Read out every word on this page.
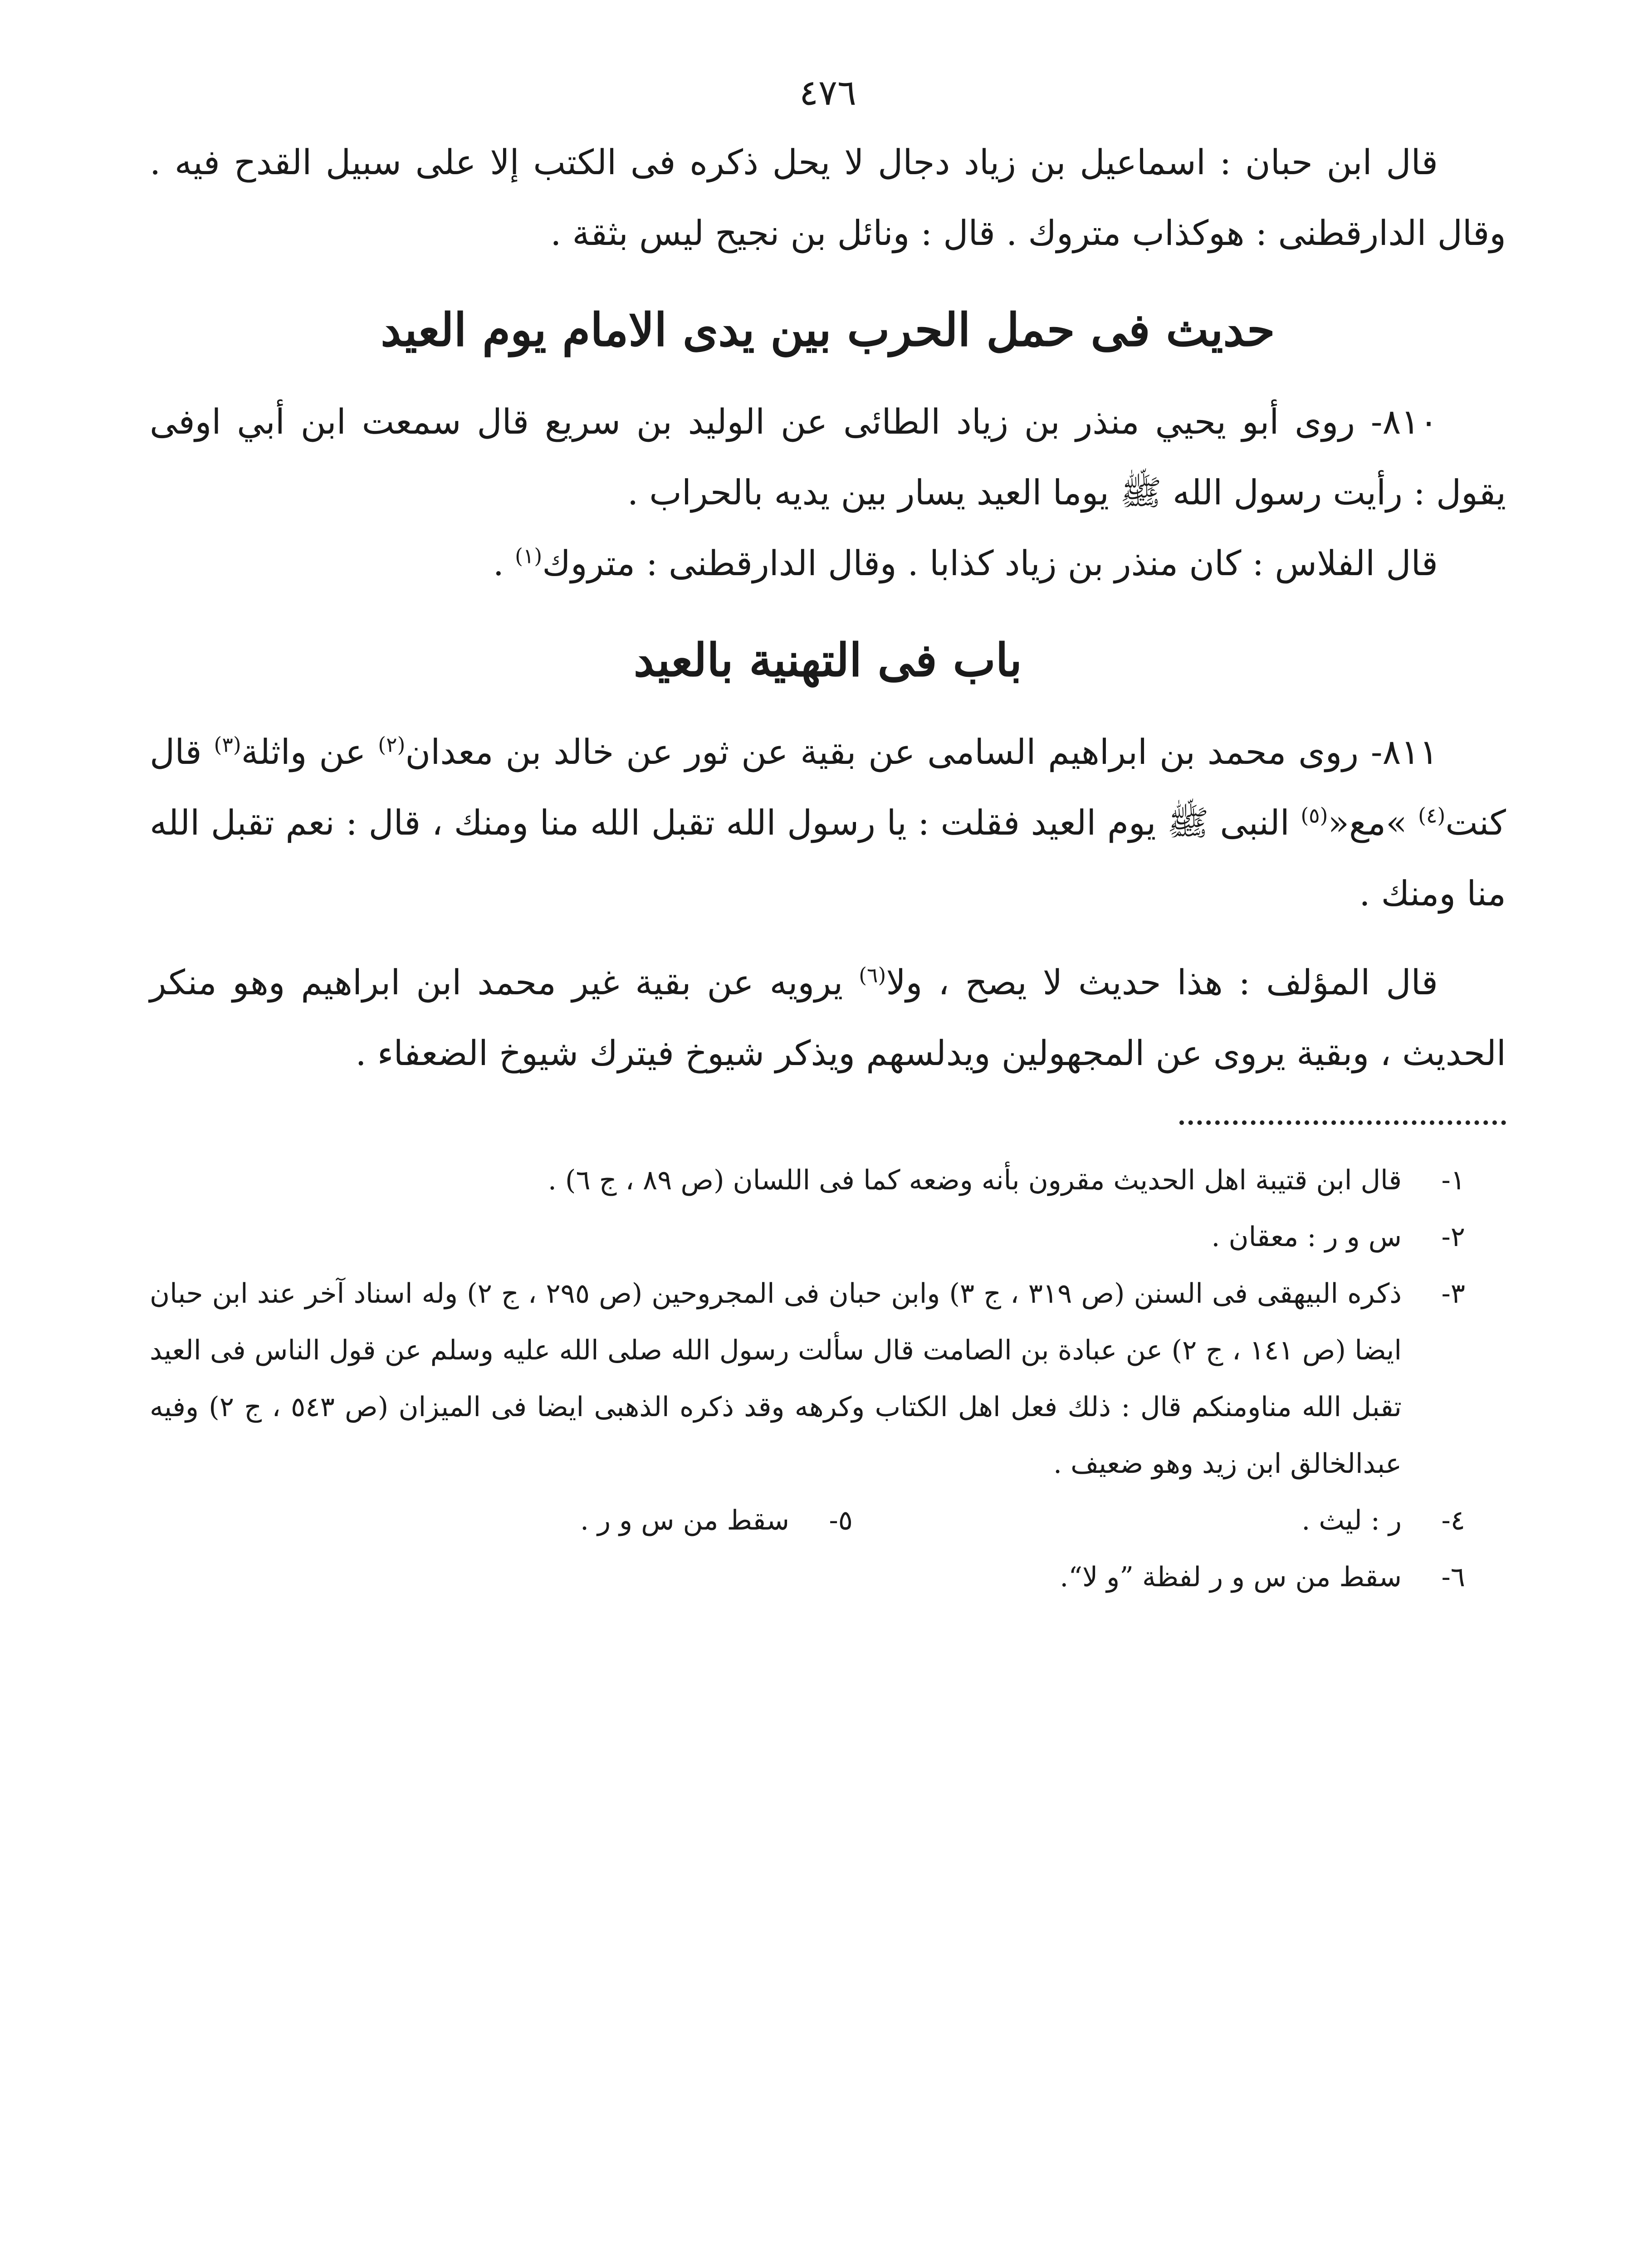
٤٧٦

قال ابن حبان : اسماعيل بن زياد دجال لا يحل ذكره فى الكتب إلا على سبيل القدح فيه . وقال الدارقطنى : هوكذاب متروك . قال : ونائل بن نجيح ليس بثقة .

حديث فى حمل الحرب بين يدى الامام يوم العيد

٨١٠- روى أبو يحيي منذر بن زياد الطائى عن الوليد بن سريع قال سمعت ابن أبي اوفى يقول : رأيت رسول الله ﷺ يوما العيد يسار بين يديه بالحراب .

قال الفلاس : كان منذر بن زياد كذابا . وقال الدارقطنى : متروك$^{(١)}$ .

باب فى التهنية بالعيد

٨١١- روى محمد بن ابراهيم السامى عن بقية عن ثور عن خالد بن معدان$^{(٢)}$ عن واثلة$^{(٣)}$ قال كنت$^{(٤)}$ »مع«$^{(٥)}$ النبى ﷺ يوم العيد فقلت : يا رسول الله تقبل الله منا ومنك ، قال : نعم تقبل الله منا ومنك .

قال المؤلف : هذا حديث لا يصح ، ولا$^{(٦)}$ يرويه عن بقية غير محمد ابن ابراهيم وهو منكر الحديث ، وبقية يروى عن المجهولين ويدلسهم ويذكر شيوخ فيترك شيوخ الضعفاء .

١-
قال ابن قتيبة اهل الحديث مقرون بأنه وضعه كما فى اللسان (ص ٨٩ ، ج ٦) .
٢-
س و ر : معقان .
٣-
ذكره البيهقى فى السنن (ص ٣١٩ ، ج ٣) وابن حبان فى المجروحين (ص ٢٩٥ ، ج ٢) وله اسناد آخر عند ابن حبان ايضا (ص ١٤١ ، ج ٢) عن عبادة بن الصامت قال سألت رسول الله صلى الله عليه وسلم عن قول الناس فى العيد تقبل الله مناومنكم قال : ذلك فعل اهل الكتاب وكرهه وقد ذكره الذهبى ايضا فى الميزان (ص ٥٤٣ ، ج ٢) وفيه عبدالخالق ابن زيد وهو ضعيف .
٤-
ر : ليث .
٥-
سقط من س و ر .
٦-
سقط من س و ر لفظة ”و لا“.
